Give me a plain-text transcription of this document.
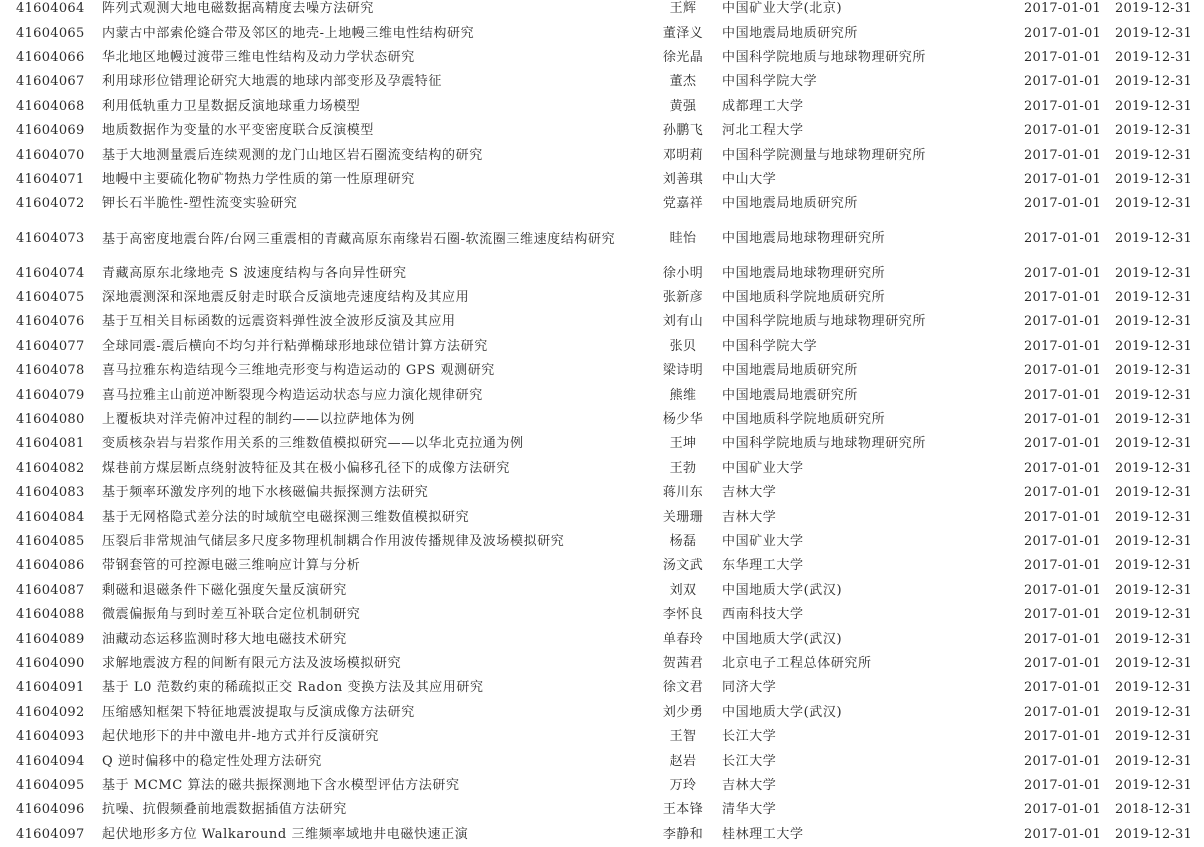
41604064	阵列式观测大地电磁数据高精度去噪方法研究	王辉	中国矿业大学(北京)	2017-01-01	2019-12-31
41604065	内蒙古中部索伦缝合带及邻区的地壳-上地幔三维电性结构研究	董泽义	中国地震局地质研究所	2017-01-01	2019-12-31
41604066	华北地区地幔过渡带三维电性结构及动力学状态研究	徐光晶	中国科学院地质与地球物理研究所	2017-01-01	2019-12-31
41604067	利用球形位错理论研究大地震的地球内部变形及孕震特征	董杰	中国科学院大学	2017-01-01	2019-12-31
41604068	利用低轨重力卫星数据反演地球重力场模型	黄强	成都理工大学	2017-01-01	2019-12-31
41604069	地质数据作为变量的水平变密度联合反演模型	孙鹏飞	河北工程大学	2017-01-01	2019-12-31
41604070	基于大地测量震后连续观测的龙门山地区岩石圈流变结构的研究	邓明莉	中国科学院测量与地球物理研究所	2017-01-01	2019-12-31
41604071	地幔中主要硫化物矿物热力学性质的第一性原理研究	刘善琪	中山大学	2017-01-01	2019-12-31
41604072	钾长石半脆性-塑性流变实验研究	党嘉祥	中国地震局地质研究所	2017-01-01	2019-12-31
41604073	基于高密度地震台阵/台网三重震相的青藏高原东南缘岩石圈-软流圈三维速度结构研究	眭怡	中国地震局地球物理研究所	2017-01-01	2019-12-31
41604074	青藏高原东北缘地壳 S 波速度结构与各向异性研究	徐小明	中国地震局地球物理研究所	2017-01-01	2019-12-31
41604075	深地震测深和深地震反射走时联合反演地壳速度结构及其应用	张新彦	中国地质科学院地质研究所	2017-01-01	2019-12-31
41604076	基于互相关目标函数的远震资料弹性波全波形反演及其应用	刘有山	中国科学院地质与地球物理研究所	2017-01-01	2019-12-31
41604077	全球同震-震后横向不均匀并行粘弹椭球形地球位错计算方法研究	张贝	中国科学院大学	2017-01-01	2019-12-31
41604078	喜马拉雅东构造结现今三维地壳形变与构造运动的 GPS 观测研究	梁诗明	中国地震局地质研究所	2017-01-01	2019-12-31
41604079	喜马拉雅主山前逆冲断裂现今构造运动状态与应力演化规律研究	熊维	中国地震局地震研究所	2017-01-01	2019-12-31
41604080	上覆板块对洋壳俯冲过程的制约——以拉萨地体为例	杨少华	中国地质科学院地质研究所	2017-01-01	2019-12-31
41604081	变质核杂岩与岩浆作用关系的三维数值模拟研究——以华北克拉通为例	王坤	中国科学院地质与地球物理研究所	2017-01-01	2019-12-31
41604082	煤巷前方煤层断点绕射波特征及其在极小偏移孔径下的成像方法研究	王勃	中国矿业大学	2017-01-01	2019-12-31
41604083	基于频率环激发序列的地下水核磁偏共振探测方法研究	蒋川东	吉林大学	2017-01-01	2019-12-31
41604084	基于无网格隐式差分法的时域航空电磁探测三维数值模拟研究	关珊珊	吉林大学	2017-01-01	2019-12-31
41604085	压裂后非常规油气储层多尺度多物理机制耦合作用波传播规律及波场模拟研究	杨磊	中国矿业大学	2017-01-01	2019-12-31
41604086	带钢套管的可控源电磁三维响应计算与分析	汤文武	东华理工大学	2017-01-01	2019-12-31
41604087	剩磁和退磁条件下磁化强度矢量反演研究	刘双	中国地质大学(武汉)	2017-01-01	2019-12-31
41604088	微震偏振角与到时差互补联合定位机制研究	李怀良	西南科技大学	2017-01-01	2019-12-31
41604089	油藏动态运移监测时移大地电磁技术研究	单春玲	中国地质大学(武汉)	2017-01-01	2019-12-31
41604090	求解地震波方程的间断有限元方法及波场模拟研究	贺茜君	北京电子工程总体研究所	2017-01-01	2019-12-31
41604091	基于 L0 范数约束的稀疏拟正交 Radon 变换方法及其应用研究	徐文君	同济大学	2017-01-01	2019-12-31
41604092	压缩感知框架下特征地震波提取与反演成像方法研究	刘少勇	中国地质大学(武汉)	2017-01-01	2019-12-31
41604093	起伏地形下的井中激电井-地方式并行反演研究	王智	长江大学	2017-01-01	2019-12-31
41604094	Q 逆时偏移中的稳定性处理方法研究	赵岩	长江大学	2017-01-01	2019-12-31
41604095	基于 MCMC 算法的磁共振探测地下含水模型评估方法研究	万玲	吉林大学	2017-01-01	2019-12-31
41604096	抗噪、抗假频叠前地震数据插值方法研究	王本锋	清华大学	2017-01-01	2018-12-31
41604097	起伏地形多方位 Walkaround 三维频率域地井电磁快速正演	李静和	桂林理工大学	2017-01-01	2019-12-31
